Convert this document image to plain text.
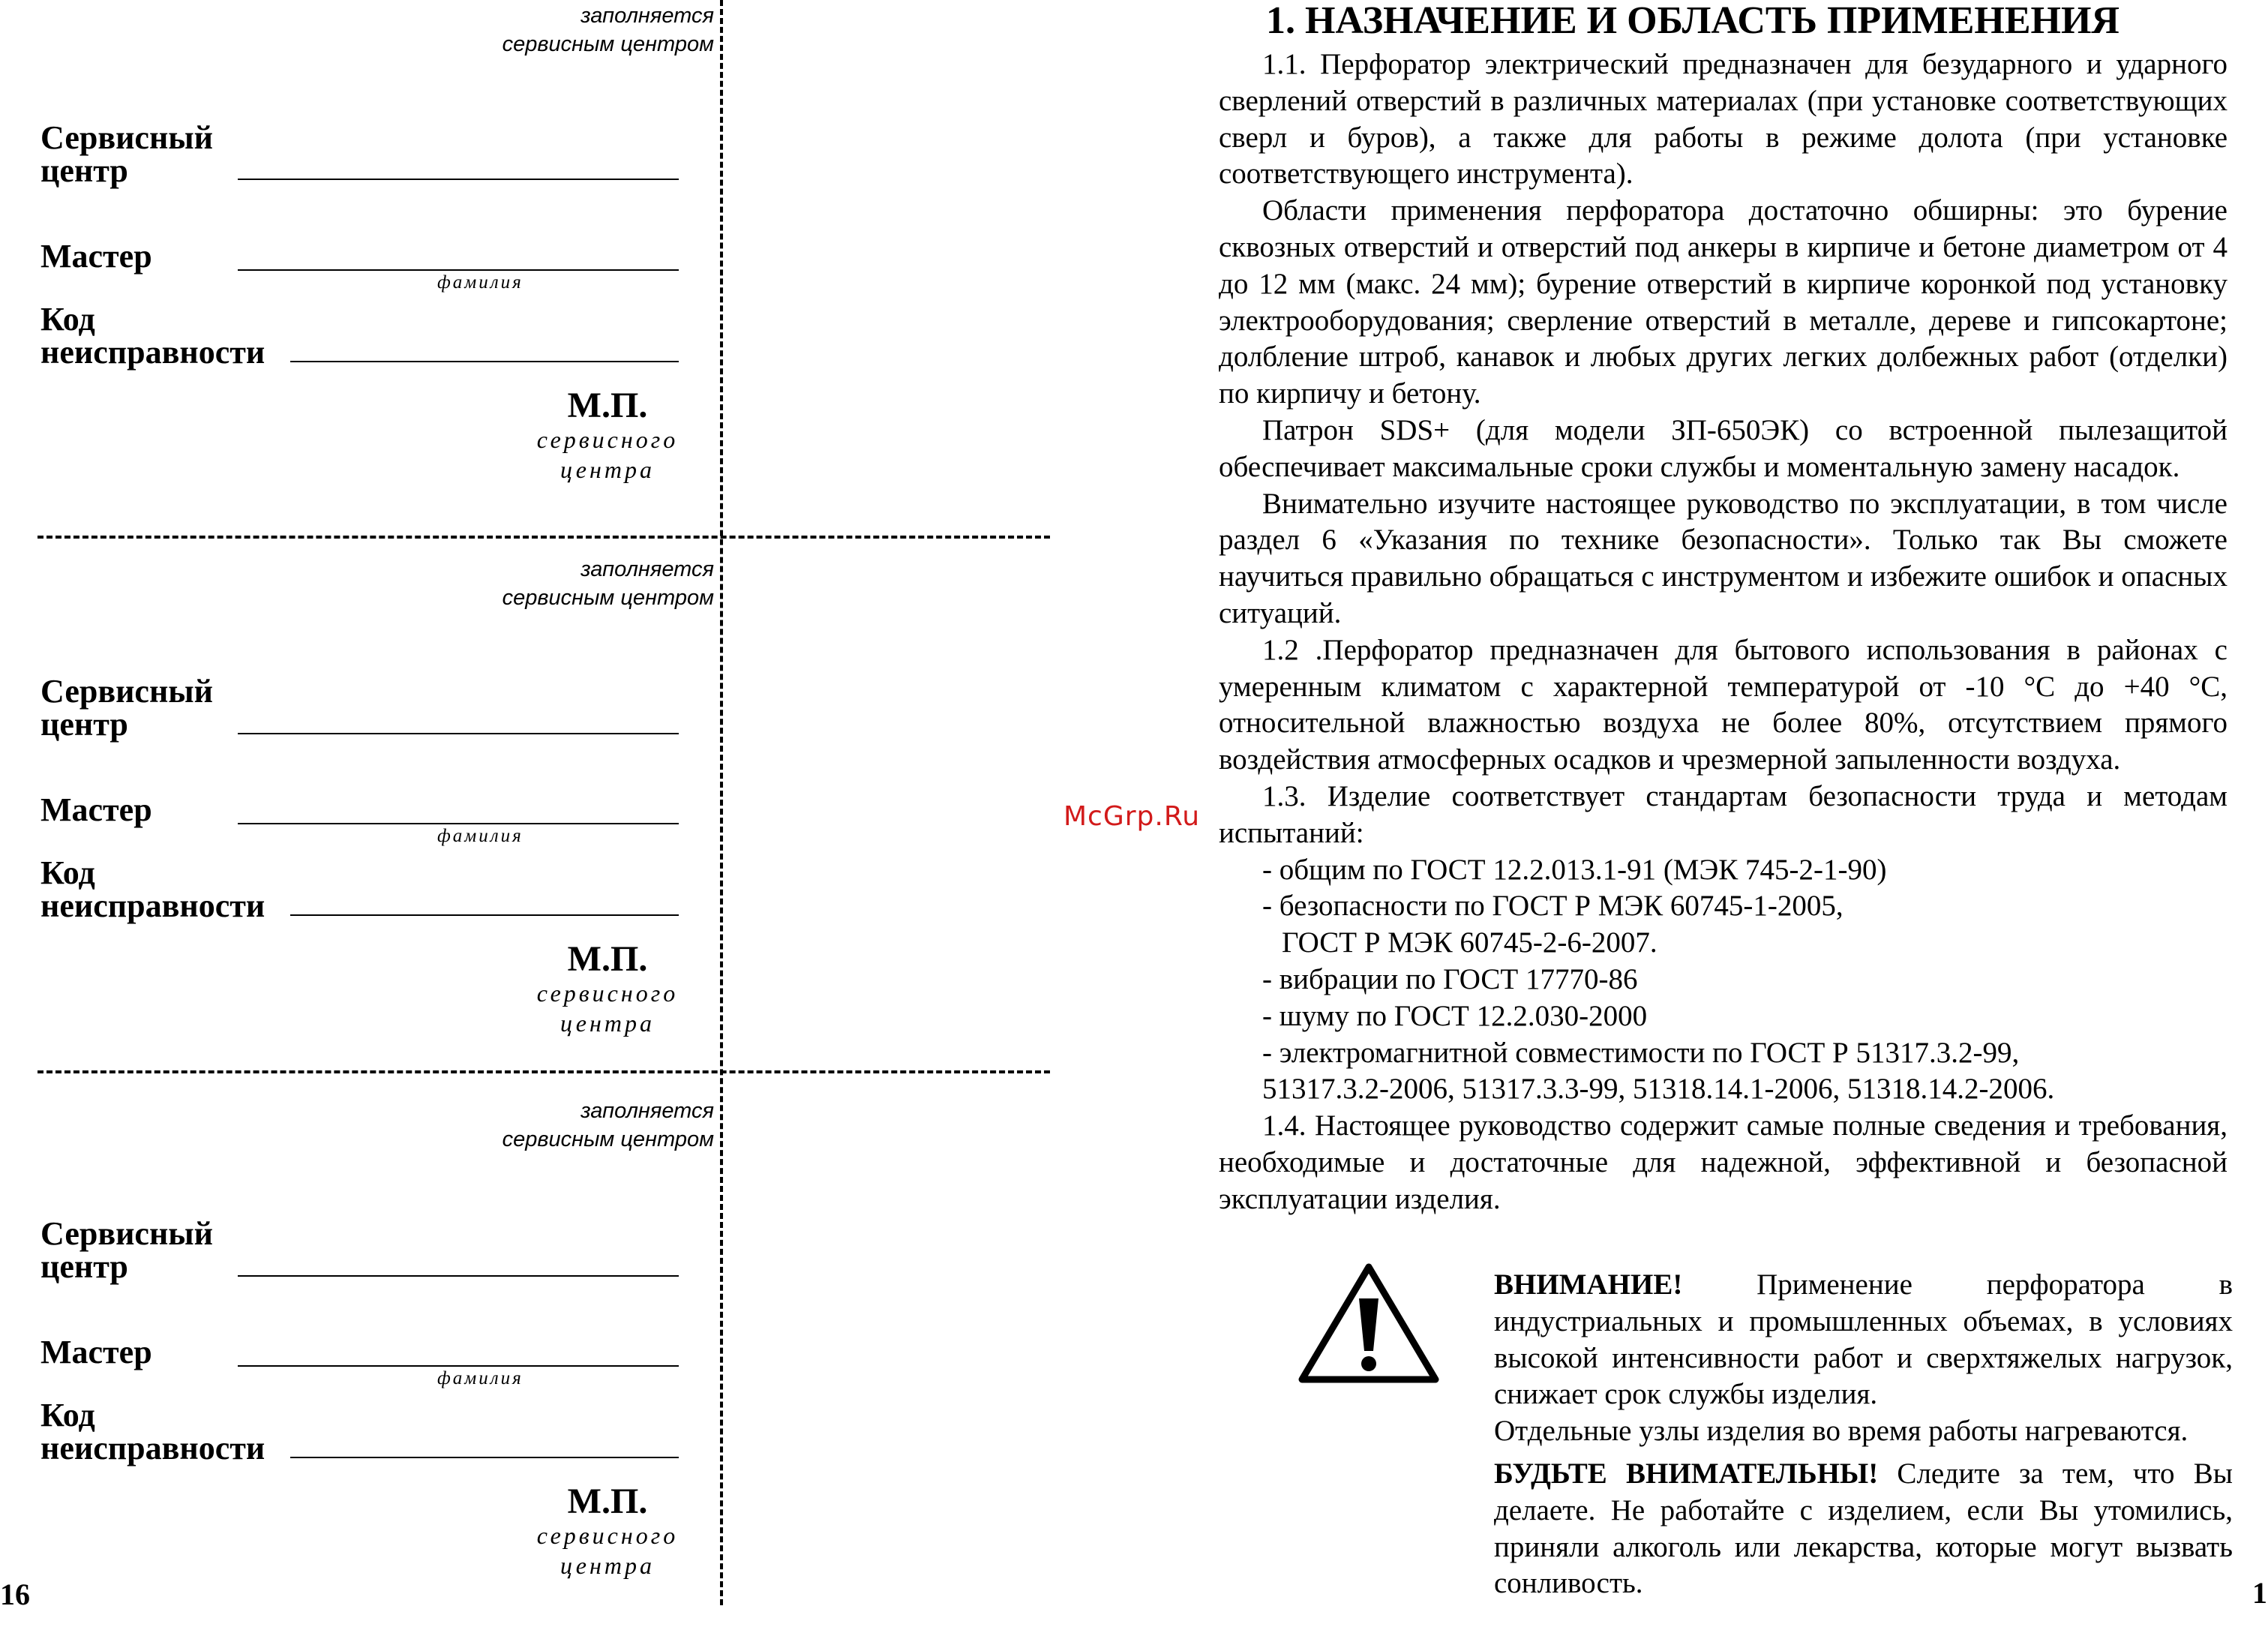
заполняется
сервисным центром
Сервисный
центр
Мастер
фамилия
Код
неисправности
М.П.
сервисного
центра
заполняется
сервисным центром
Сервисный
центр
Мастер
фамилия
Код
неисправности
М.П.
сервисного
центра
заполняется
сервисным центром
Сервисный
центр
Мастер
фамилия
Код
неисправности
М.П.
сервисного
центра
16
McGrp.Ru
1. НАЗНАЧЕНИЕ И ОБЛАСТЬ ПРИМЕНЕНИЯ

1.1. Перфоратор электрический предназначен для безударного и ударного сверлений отверстий в различных материалах (при установке соответствующих сверл и буров), а также для работы в режиме долота (при установке соответствующего инструмента).

Области применения перфоратора достаточно обширны: это бурение сквозных отверстий и отверстий под анкеры в кирпиче и бетоне диаметром от 4 до 12 мм (макс. 24 мм); бурение отверстий в кирпиче коронкой под установку электрооборудования; сверление отверстий в металле, дереве и гипсокартоне; долбление штроб, канавок и любых других легких долбежных работ (отделки) по кирпичу и бетону.

Патрон SDS+ (для модели ЗП-650ЭК) со встроенной пылезащитой обеспечивает максимальные сроки службы и моментальную замену насадок.

Внимательно изучите настоящее руководство по эксплуатации, в том числе раздел 6 «Указания по технике безопасности». Только так Вы сможете научиться правильно обращаться с инструментом и избежите ошибок и опасных ситуаций.

1.2 .Перфоратор предназначен для бытового использования в районах с умеренным климатом с характерной температурой от -10 °С до +40 °С, относительной влажностью воздуха не более 80%, отсутствием прямого воздействия атмосферных осадков и чрезмерной запыленности воздуха.

1.3. Изделие соответствует стандартам безопасности труда и методам испытаний:

- общим по ГОСТ 12.2.013.1-91 (МЭК 745-2-1-90)

- безопасности по ГОСТ Р МЭК 60745-1-2005,

ГОСТ Р МЭК 60745-2-6-2007.

- вибрации по ГОСТ 17770-86

- шуму по ГОСТ 12.2.030-2000

- электромагнитной совместимости по ГОСТ Р 51317.3.2-99,

51317.3.2-2006, 51317.3.3-99, 51318.14.1-2006, 51318.14.2-2006.

1.4. Настоящее руководство содержит самые полные сведения и требования, необходимые и достаточные для надежной, эффективной и безопасной эксплуатации изделия.

ВНИМАНИЕ! Применение перфоратора в индустриальных и промышленных объемах, в условиях высокой интенсивности работ и сверхтяжелых нагрузок, снижает срок службы изделия.

Отдельные узлы изделия во время работы нагреваются.

БУДЬТЕ ВНИМАТЕЛЬНЫ! Следите за тем, что Вы делаете. Не работайте с изделием, если Вы утомились, приняли алкоголь или лекарства, которые могут вызвать сонливость.	1
